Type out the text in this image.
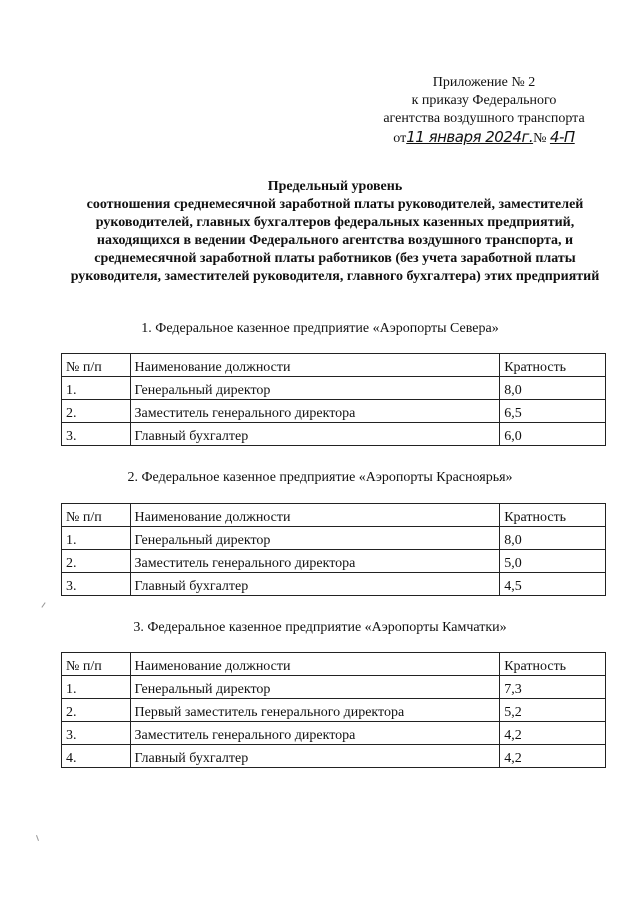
Приложение № 2
к приказу Федерального
агентства воздушного транспорта
от11 января 2024г.№ 4-П
Предельный уровень
соотношения среднемесячной заработной платы руководителей, заместителей руководителей, главных бухгалтеров федеральных казенных предприятий, находящихся в ведении Федерального агентства воздушного транспорта, и среднемесячной заработной платы работников (без учета заработной платы руководителя, заместителей руководителя, главного бухгалтера) этих предприятий
1. Федеральное казенное предприятие «Аэропорты Севера»
№ п/п	Наименование должности	Кратность
1.	Генеральный директор	8,0
2.	Заместитель генерального директора	6,5
3.	Главный бухгалтер	6,0
2. Федеральное казенное предприятие «Аэропорты Красноярья»
№ п/п	Наименование должности	Кратность
1.	Генеральный директор	8,0
2.	Заместитель генерального директора	5,0
3.	Главный бухгалтер	4,5
3. Федеральное казенное предприятие «Аэропорты Камчатки»
№ п/п	Наименование должности	Кратность
1.	Генеральный директор	7,3
2.	Первый заместитель генерального директора	5,2
3.	Заместитель генерального директора	4,2
4.	Главный бухгалтер	4,2
